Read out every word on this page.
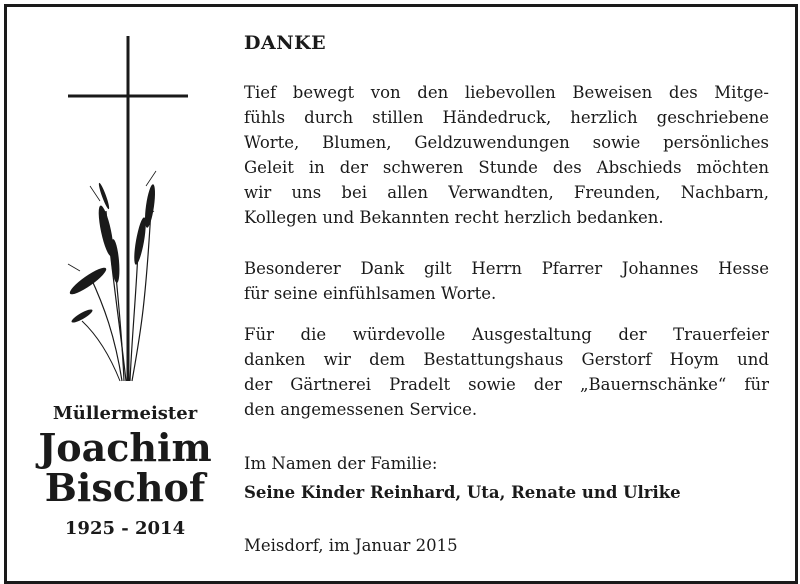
DANKE
Tief bewegt von den liebevollen Beweisen des Mitge-
fühls durch stillen Händedruck, herzlich geschriebene
Worte, Blumen, Geldzuwendungen sowie persönliches
Geleit in der schweren Stunde des Abschieds möchten
wir uns bei allen Verwandten, Freunden, Nachbarn,
Kollegen und Bekannten recht herzlich bedanken.
Besonderer Dank gilt Herrn Pfarrer Johannes Hesse
für seine einfühlsamen Worte.
Für die würdevolle Ausgestaltung der Trauerfeier
danken wir dem Bestattungshaus Gerstorf Hoym und
der Gärtnerei Pradelt sowie der „Bauernschänke“ für
den angemessenen Service.
Im Namen der Familie:
Seine Kinder Reinhard, Uta, Renate und Ulrike
Meisdorf, im Januar 2015
Müllermeister
Joachim
Bischof
1925 - 2014
